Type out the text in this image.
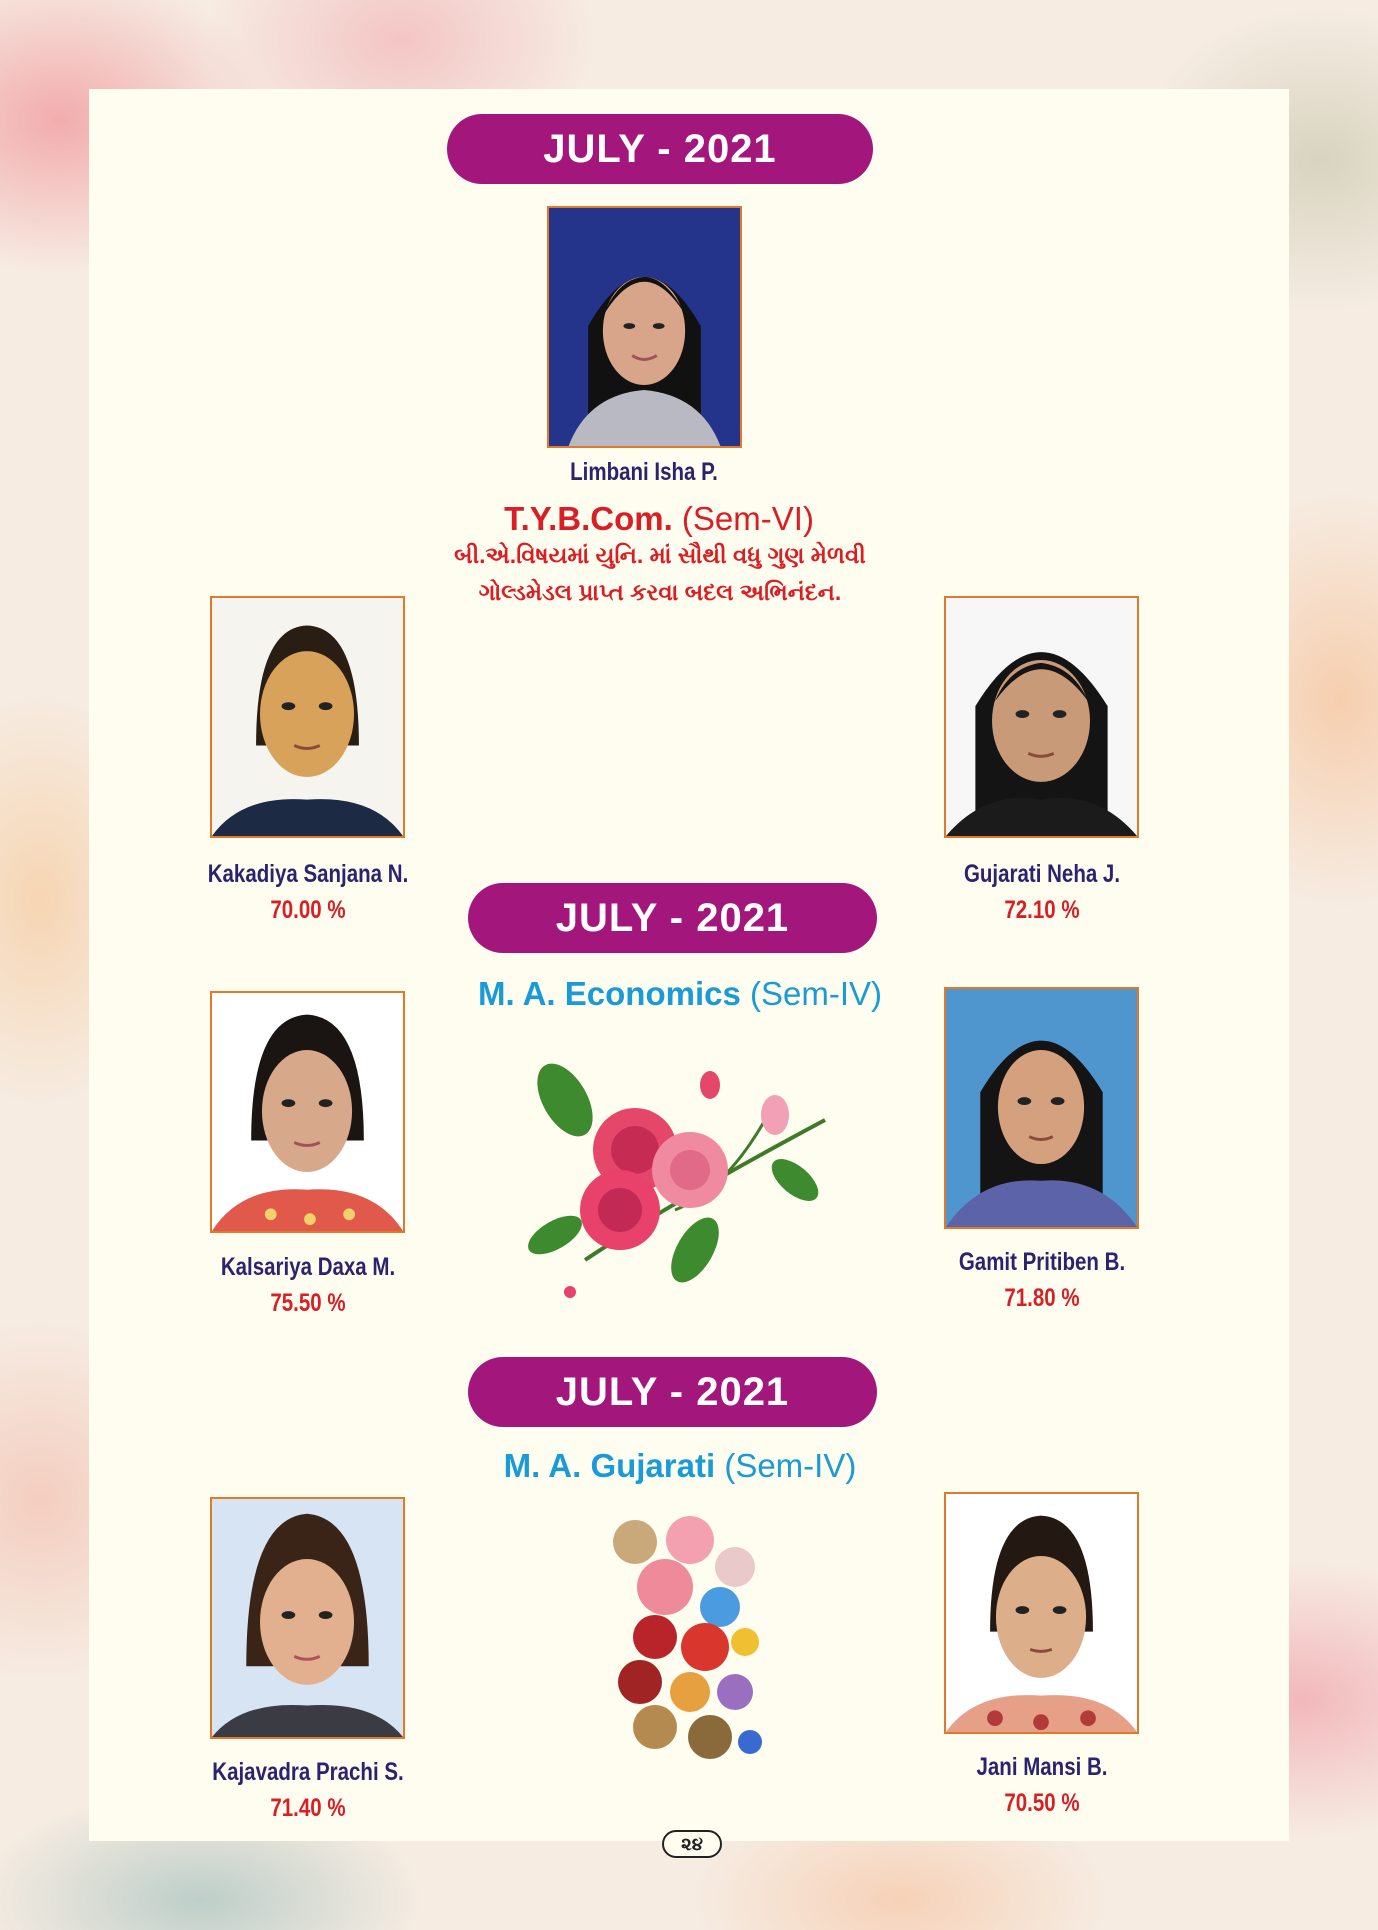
JULY - 2021
Limbani Isha P.
T.Y.B.Com. (Sem-VI)
બી.એ.વિષયમાં યુનિ. માં સૌથી વધુ ગુણ મેળવી
ગોલ્ડમેડલ પ્રાપ્ત કરવા બદલ અભિનંદન.
Kakadiya Sanjana N.
70.00 %
Gujarati Neha J.
72.10 %
JULY - 2021
M. A. Economics (Sem-IV)
Kalsariya Daxa M.
75.50 %
Gamit Pritiben B.
71.80 %
JULY - 2021
M. A. Gujarati (Sem-IV)
Kajavadra Prachi S.
71.40 %
Jani Mansi B.
70.50 %
૨૪
